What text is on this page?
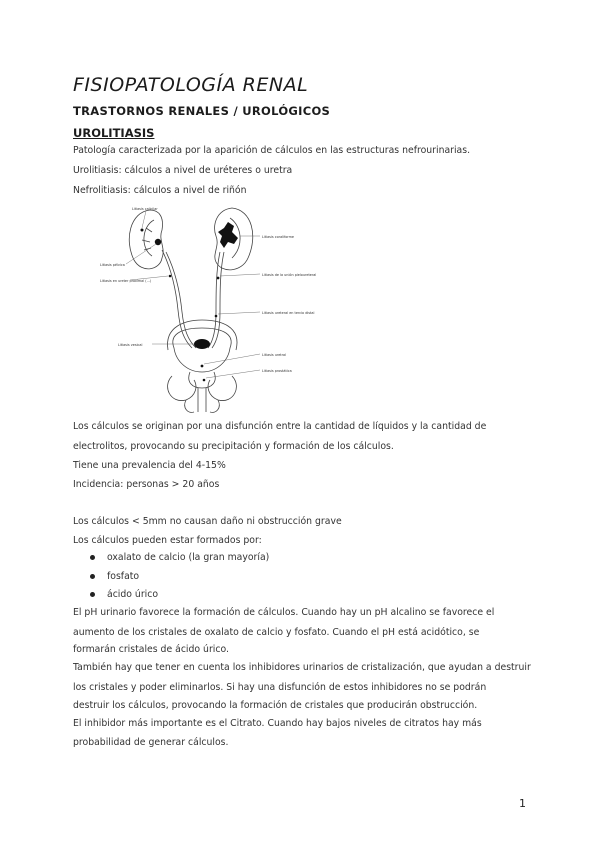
FISIOPATOLOGÍA RENAL
TRASTORNOS RENALES / UROLÓGICOS
UROLITIASIS
Patología caracterizada por la aparición de cálculos en las estructuras nefrourinarias.
Urolitiasis: cálculos a nivel de uréteres o uretra
Nefrolitiasis: cálculos a nivel de riñón
Litiasis calicilar
Litiasis pélvica
Litiasis en ureter proximal (...)
Litiasis coraliforme
Litiasis de la unión pieloureteral
Litiasis ureteral en tercio distal
Litiasis vesical
Litiasis uretral
Litiasis prostática
Los cálculos se originan por una disfunción entre la cantidad de líquidos y la cantidad de
electrolitos, provocando su precipitación y formación de los cálculos.
Tiene una prevalencia del 4-15%
Incidencia: personas > 20 años
Los cálculos < 5mm no causan daño ni obstrucción grave
Los cálculos pueden estar formados por:
oxalato de calcio (la gran mayoría)
fosfato
ácido úrico
El pH urinario favorece la formación de cálculos. Cuando hay un pH alcalino se favorece el
aumento de los cristales de oxalato de calcio y fosfato. Cuando el pH está acidótico, se
formarán cristales de ácido úrico.
También hay que tener en cuenta los inhibidores urinarios de cristalización, que ayudan a destruir
los cristales y poder eliminarlos. Si hay una disfunción de estos inhibidores no se podrán
destruir los cálculos, provocando la formación de cristales que producirán obstrucción.
El inhibidor más importante es el Citrato. Cuando hay bajos niveles de citratos hay más
probabilidad de generar cálculos.
1
